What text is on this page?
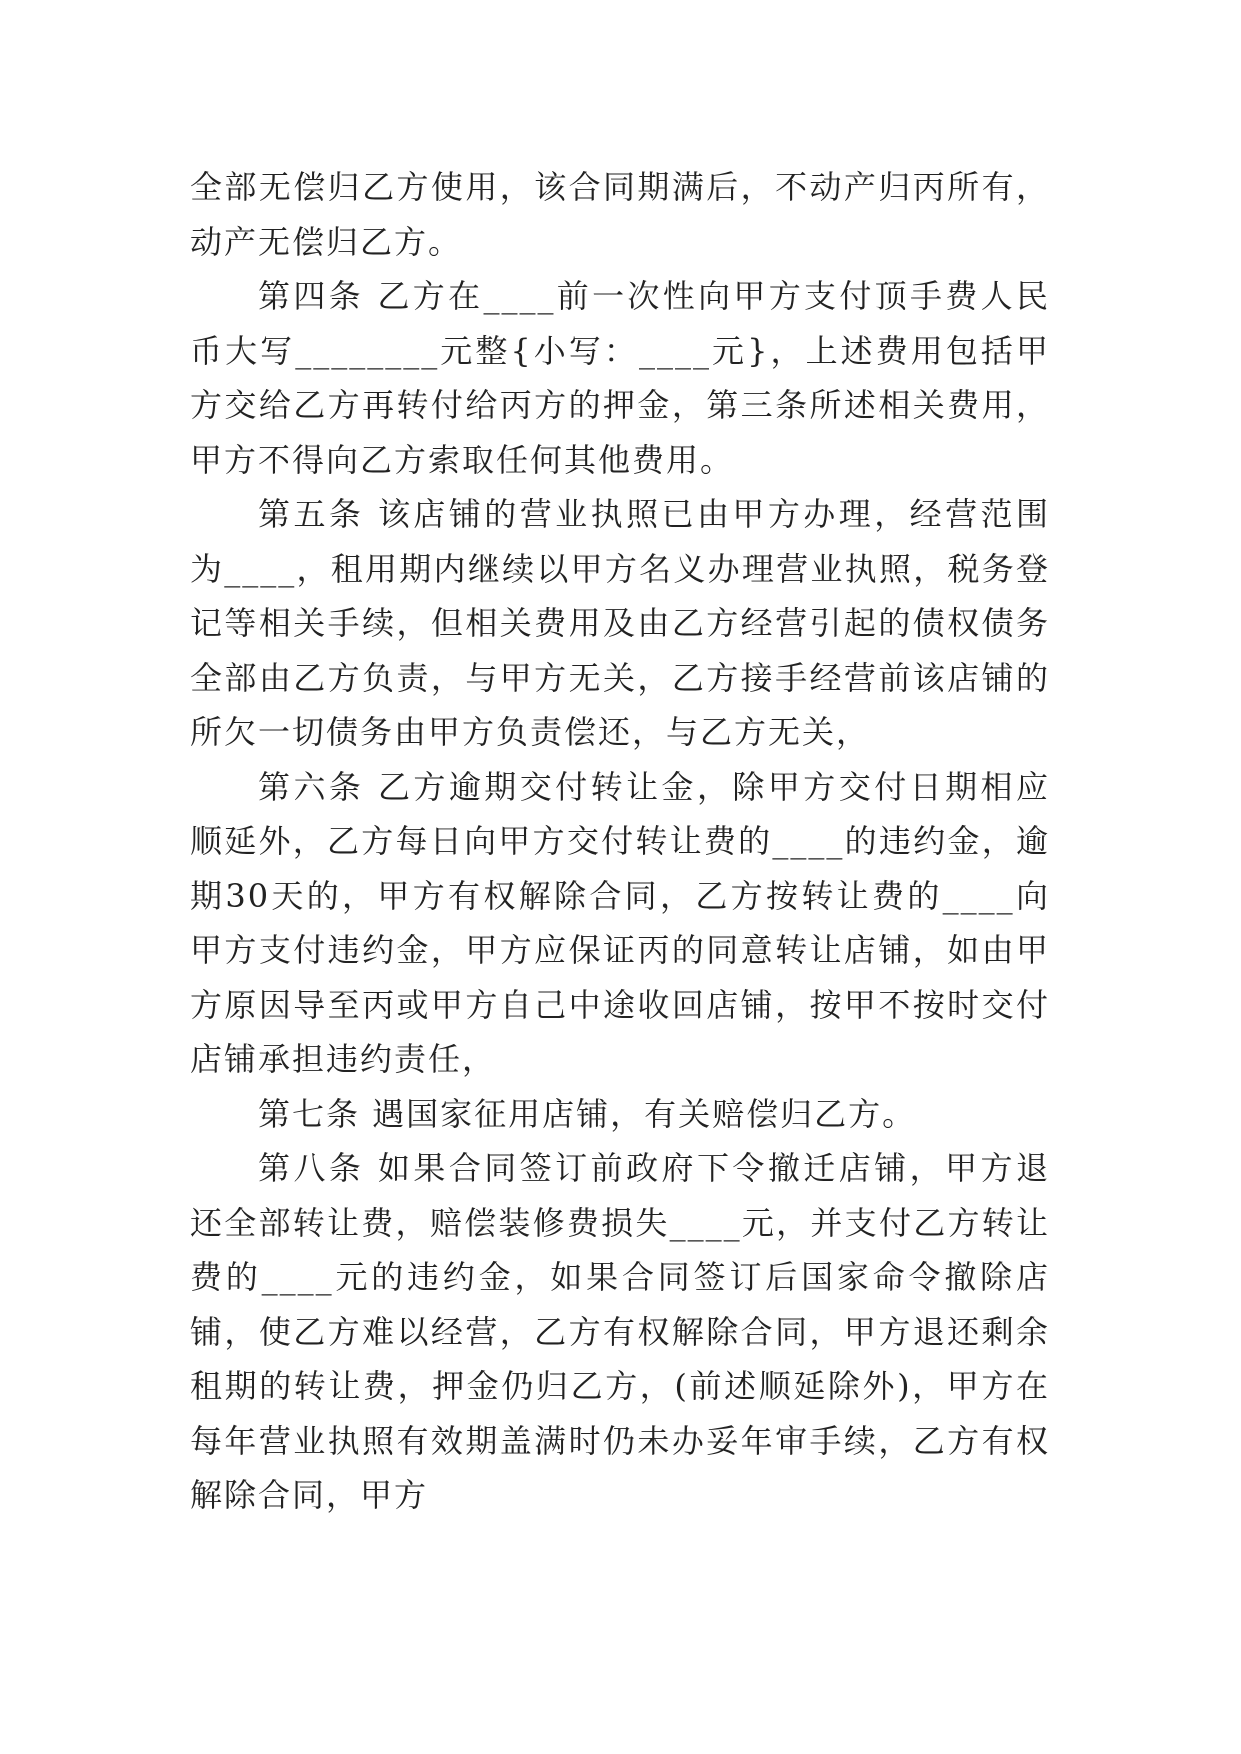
全部无偿归乙方使用，该合同期满后，不动产归丙所有，动产无偿归乙方。

第四条 乙方在____前一次性向甲方支付顶手费人民币大写________元整{小写：____元}，上述费用包括甲方交给乙方再转付给丙方的押金，第三条所述相关费用，甲方不得向乙方索取任何其他费用。

第五条 该店铺的营业执照已由甲方办理，经营范围为____，租用期内继续以甲方名义办理营业执照，税务登记等相关手续，但相关费用及由乙方经营引起的债权债务全部由乙方负责，与甲方无关，乙方接手经营前该店铺的所欠一切债务由甲方负责偿还，与乙方无关，

第六条 乙方逾期交付转让金，除甲方交付日期相应顺延外，乙方每日向甲方交付转让费的____的违约金，逾期30天的，甲方有权解除合同，乙方按转让费的____向甲方支付违约金，甲方应保证丙的同意转让店铺，如由甲方原因导至丙或甲方自己中途收回店铺，按甲不按时交付店铺承担违约责任，

第七条 遇国家征用店铺，有关赔偿归乙方。

第八条 如果合同签订前政府下令撤迁店铺，甲方退还全部转让费，赔偿装修费损失____元，并支付乙方转让费的____元的违约金，如果合同签订后国家命令撤除店铺，使乙方难以经营，乙方有权解除合同，甲方退还剩余租期的转让费，押金仍归乙方，(前述顺延除外)，甲方在每年营业执照有效期盖满时仍未办妥年审手续，乙方有权解除合同，甲方
